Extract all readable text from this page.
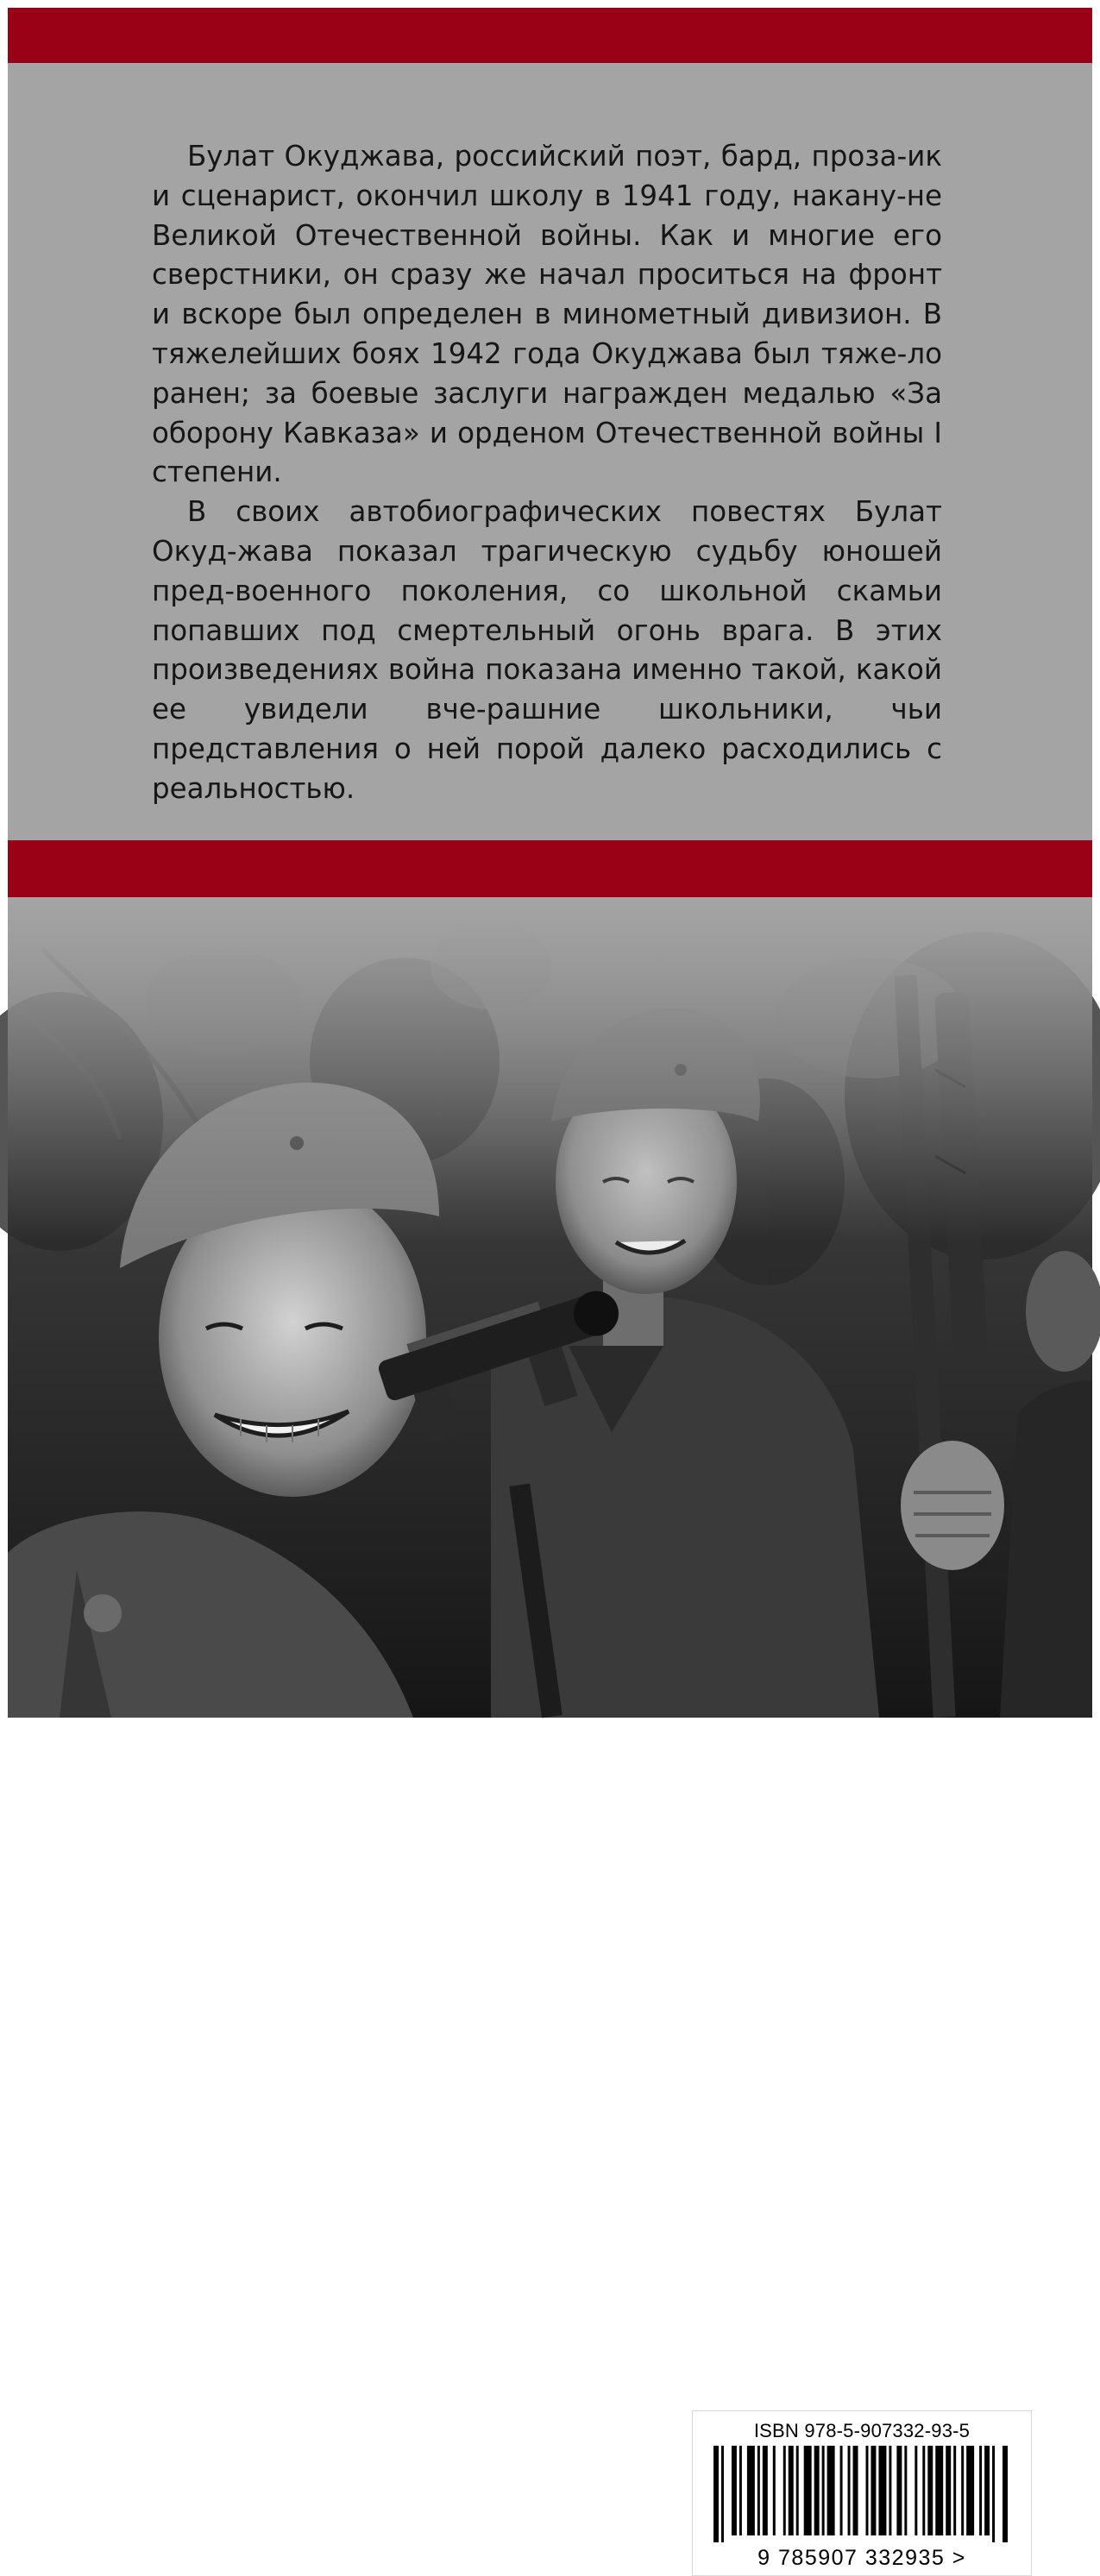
Булат Окуджава, российский поэт, бард, проза-ик и сценарист, окончил школу в 1941 году, накану-не Великой Отечественной войны. Как и многие его сверстники, он сразу же начал проситься на фронт и вскоре был определен в минометный дивизион. В тяжелейших боях 1942 года Окуджава был тяже-ло ранен; за боевые заслуги награжден медалью «За оборону Кавказа» и орденом Отечественной войны I степени.

В своих автобиографических повестях Булат Окуд-жава показал трагическую судьбу юношей пред-военного поколения, со школьной скамьи попавших под смертельный огонь врага. В этих произведениях война показана именно такой, какой ее увидели вче-рашние школьники, чьи представления о ней порой далеко расходились с реальностью.

ISBN 978-5-907332-93-5
9 785907 332935 >
